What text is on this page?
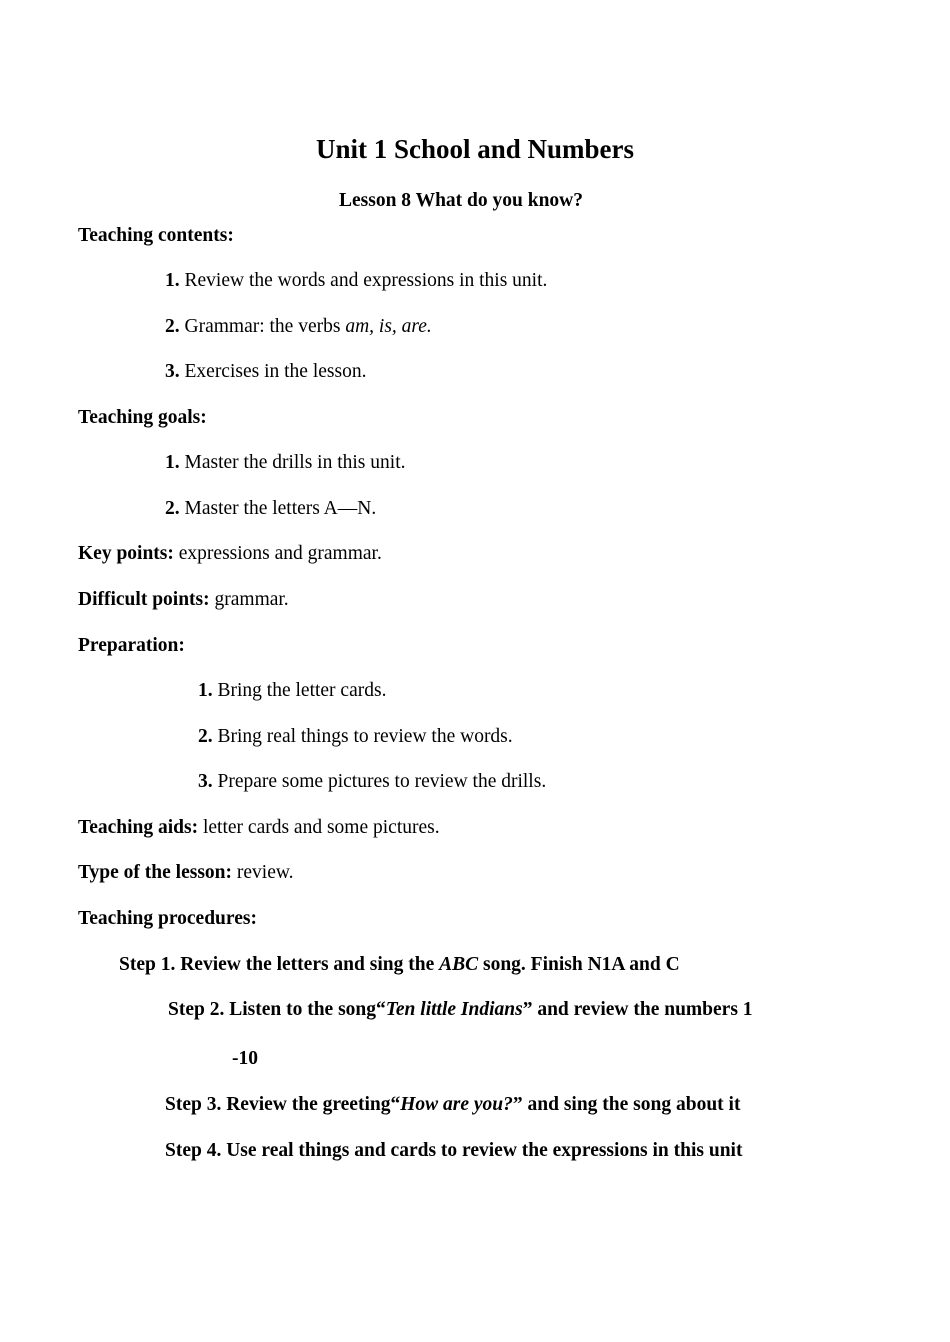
Unit 1 School and Numbers
Lesson 8 What do you know?
Teaching contents:
1. Review the words and expressions in this unit.
2. Grammar: the verbs am, is, are.
3. Exercises in the lesson.
Teaching goals:
1. Master the drills in this unit.
2. Master the letters A—N.
Key points: expressions and grammar.
Difficult points: grammar.
Preparation:
1. Bring the letter cards.
2. Bring real things to review the words.
3. Prepare some pictures to review the drills.
Teaching aids: letter cards and some pictures.
Type of the lesson: review.
Teaching procedures:
Step 1. Review the letters and sing the ABC song. Finish N1A and C
Step 2. Listen to the song“Ten little Indians” and review the numbers 1
-10
Step 3. Review the greeting“How are you?” and sing the song about it
Step 4. Use real things and cards to review the expressions in this unit
